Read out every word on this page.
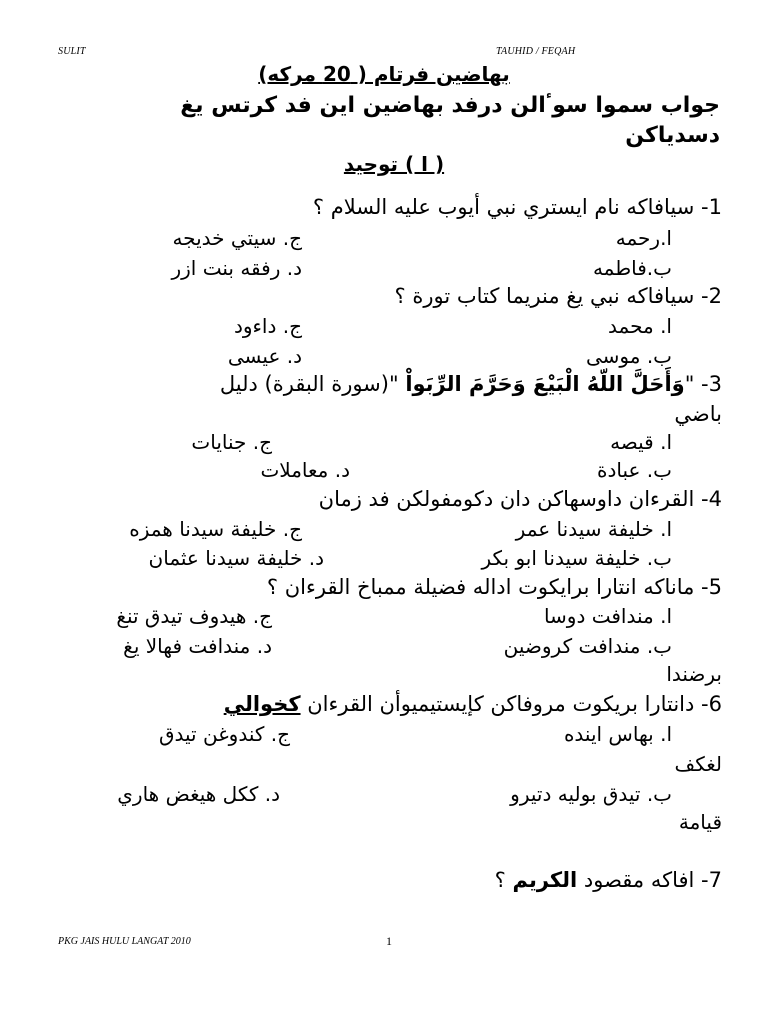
SULIT	TAUHID / FEQAH
بهاضين فرتام ( 20 مركه)
جواب سموا سوٴالن درفد بهاضين اين فد كرتس يغ
دسدياكن
( ا ) توحيد
1- سيافاكه نام ايستري نبي أيوب عليه السلام ؟
ا.رحمه
ج. سيتي خديجه
ب.فاطمه
د. رفقه بنت ازر
2- سيافاكه نبي يغ منريما كتاب تورة ؟
ا. محمد
ج. داءود
ب. موسى
د. عيسى
3- "وَأَحَلَّ اللّهُ الْبَيْعَ وَحَرَّمَ الرِّبَواْ "(سورة البقرة) دليل
باضي
ا. قيصه
ج. جنايات
ب. عبادة
د. معاملات
4- القرءان داوسهاكن دان دكومفولكن فد زمان
ا. خليفة سيدنا عمر
ج. خليفة سيدنا همزه
ب. خليفة سيدنا ابو بكر
د. خليفة سيدنا عثمان
5- ماناكه انتارا برايكوت اداله فضيلة ممباخ القرءان ؟
ا. مندافت دوسا
ج. هيدوف تيدق تنغ
ب. مندافت كروضين
د. مندافت فهالا يغ
برضندا
6- دانتارا بريكوت مروفاكن كإيستيميوأن القرءان كخوالي
ا. بهاس اينده
ج. كندوغن تيدق
لغكف
ب. تيدق بوليه دتيرو
د. ككل هيغض هاري
قيامة
7- افاكه مقصود الكريم ؟
PKG JAIS HULU LANGAT 2010	1
